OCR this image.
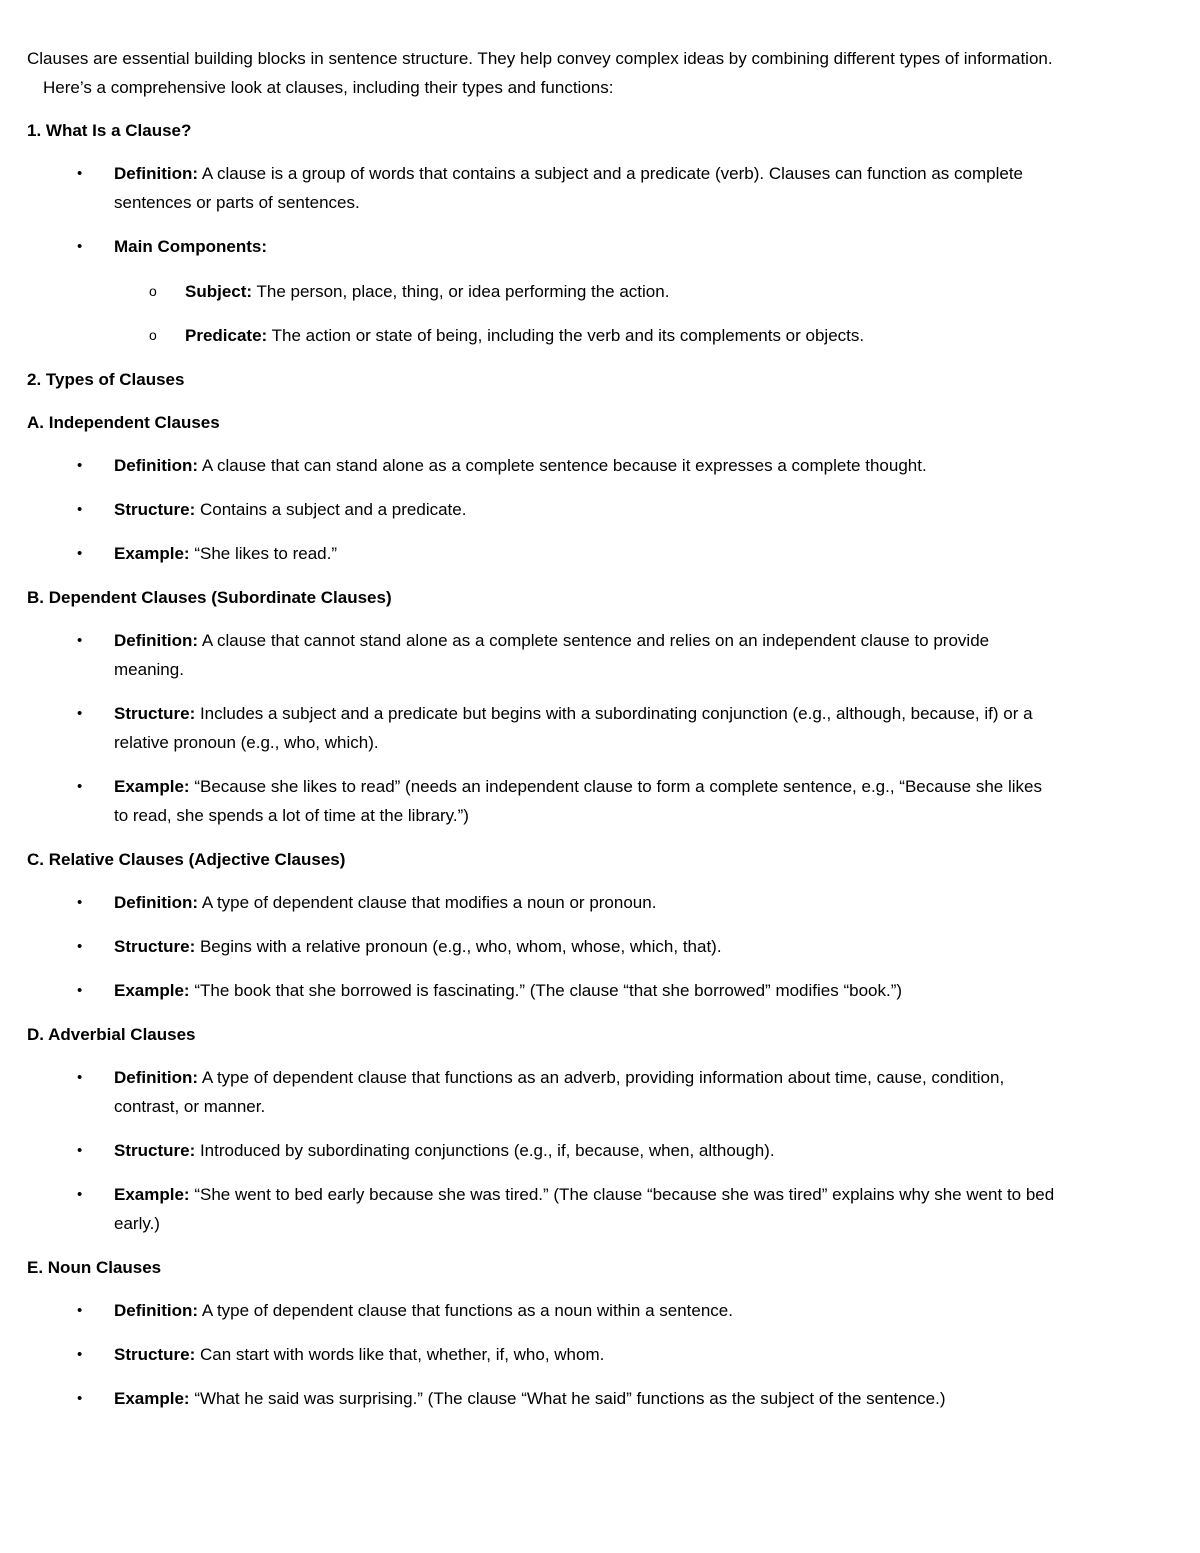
Clauses are essential building blocks in sentence structure. They help convey complex ideas by combining different types of information. Here’s a comprehensive look at clauses, including their types and functions:

1. What Is a Clause?
• Definition: A clause is a group of words that contains a subject and a predicate (verb). Clauses can function as complete sentences or parts of sentences.
• Main Components:
o Subject: The person, place, thing, or idea performing the action.
o Predicate: The action or state of being, including the verb and its complements or objects.
2. Types of Clauses
A. Independent Clauses
• Definition: A clause that can stand alone as a complete sentence because it expresses a complete thought.
• Structure: Contains a subject and a predicate.
• Example: “She likes to read.”
B. Dependent Clauses (Subordinate Clauses)
• Definition: A clause that cannot stand alone as a complete sentence and relies on an independent clause to provide meaning.
• Structure: Includes a subject and a predicate but begins with a subordinating conjunction (e.g., although, because, if) or a relative pronoun (e.g., who, which).
• Example: “Because she likes to read” (needs an independent clause to form a complete sentence, e.g., “Because she likes to read, she spends a lot of time at the library.”)
C. Relative Clauses (Adjective Clauses)
• Definition: A type of dependent clause that modifies a noun or pronoun.
• Structure: Begins with a relative pronoun (e.g., who, whom, whose, which, that).
• Example: “The book that she borrowed is fascinating.” (The clause “that she borrowed” modifies “book.”)
D. Adverbial Clauses
• Definition: A type of dependent clause that functions as an adverb, providing information about time, cause, condition, contrast, or manner.
• Structure: Introduced by subordinating conjunctions (e.g., if, because, when, although).
• Example: “She went to bed early because she was tired.” (The clause “because she was tired” explains why she went to bed early.)
E. Noun Clauses
• Definition: A type of dependent clause that functions as a noun within a sentence.
• Structure: Can start with words like that, whether, if, who, whom.
• Example: “What he said was surprising.” (The clause “What he said” functions as the subject of the sentence.)
